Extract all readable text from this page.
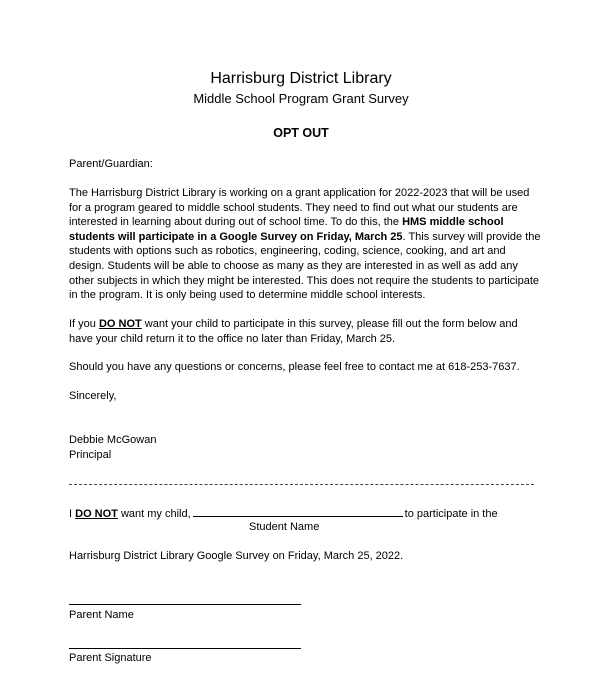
Harrisburg District Library
Middle School Program Grant Survey
OPT OUT
Parent/Guardian:
The Harrisburg District Library is working on a grant application for 2022-2023 that will be used for a program geared to middle school students. They need to find out what our students are interested in learning about during out of school time. To do this, the HMS middle school students will participate in a Google Survey on Friday, March 25. This survey will provide the students with options such as robotics, engineering, coding, science, cooking, and art and design. Students will be able to choose as many as they are interested in as well as add any other subjects in which they might be interested. This does not require the students to participate in the program. It is only being used to determine middle school interests.
If you DO NOT want your child to participate in this survey, please fill out the form below and have your child return it to the office no later than Friday, March 25.
Should you have any questions or concerns, please feel free to contact me at 618-253-7637.
Sincerely,
Debbie McGowan
Principal
I DO NOT want my child,	to participate in the
Student Name
Harrisburg District Library Google Survey on Friday, March 25, 2022.
Parent Name
Parent Signature
